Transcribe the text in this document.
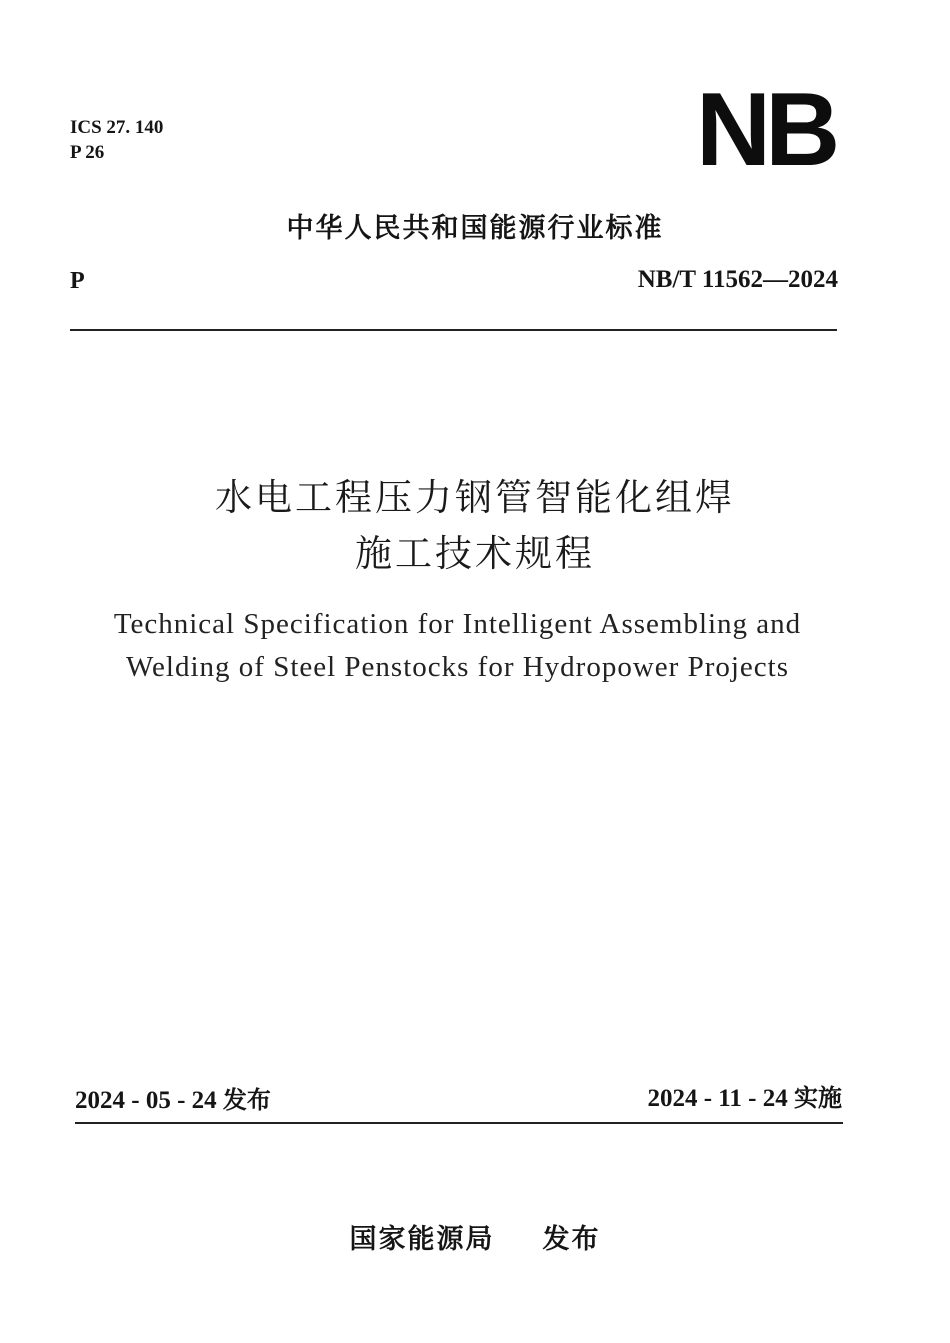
ICS 27. 140
P 26	NB
中华人民共和国能源行业标准
P	NB/T 11562—2024
水电工程压力钢管智能化组焊
施工技术规程
Technical Specification for Intelligent Assembling and
Welding of Steel Penstocks for Hydropower Projects
2024 - 05 - 24 发布	2024 - 11 - 24 实施
国家能源局 发布
